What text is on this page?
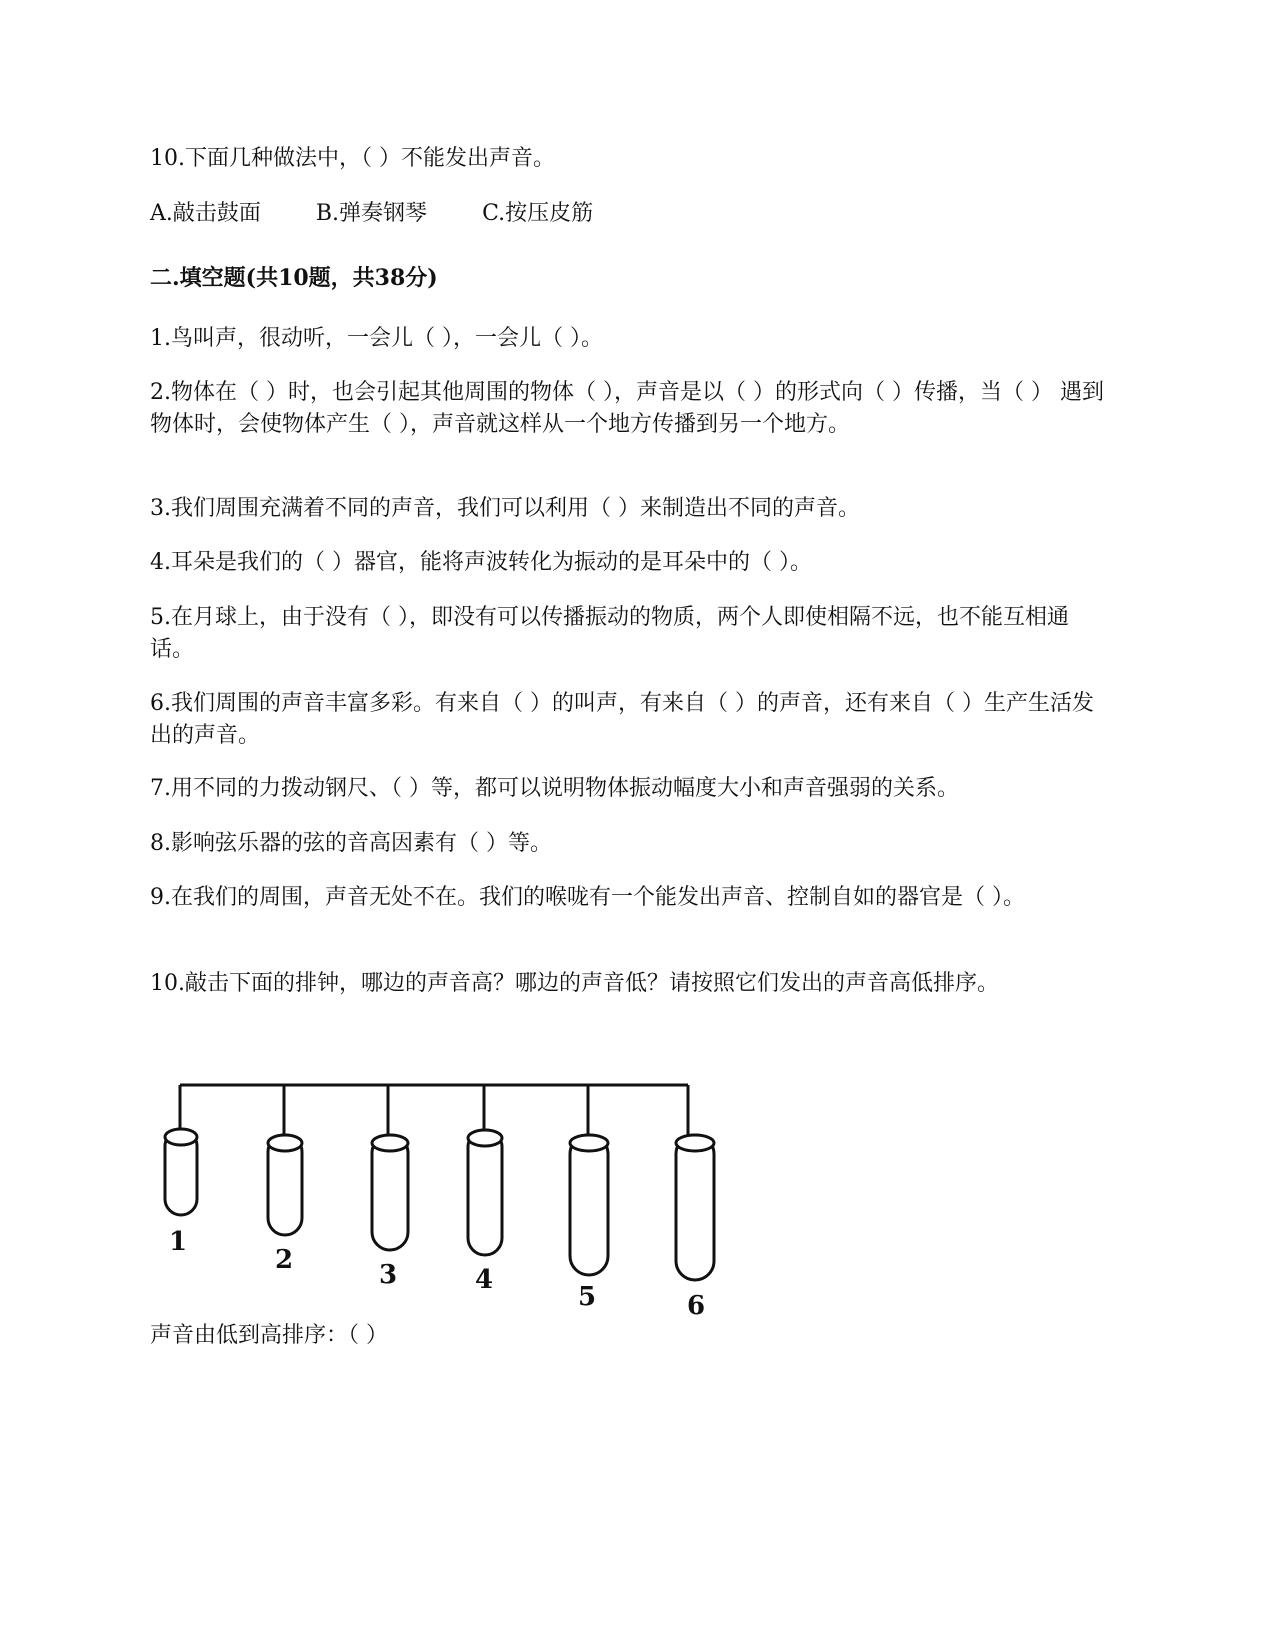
10.下面几种做法中，（ ）不能发出声音。
A.敲击鼓面	B.弹奏钢琴	C.按压皮筋
二.填空题(共10题，共38分)
1.鸟叫声，很动听，一会儿（ ），一会儿（ ）。
2.物体在（ ）时，也会引起其他周围的物体（ ），声音是以（ ）的形式向（ ）传播，当（ ） 遇到物体时，会使物体产生（ ），声音就这样从一个地方传播到另一个地方。
3.我们周围充满着不同的声音，我们可以利用（ ）来制造出不同的声音。
4.耳朵是我们的（ ）器官，能将声波转化为振动的是耳朵中的（ ）。
5.在月球上，由于没有（ ），即没有可以传播振动的物质，两个人即使相隔不远，也不能互相通话。
6.我们周围的声音丰富多彩。有来自（ ）的叫声，有来自（ ）的声音，还有来自（ ）生产生活发出的声音。
7.用不同的力拨动钢尺、（ ）等，都可以说明物体振动幅度大小和声音强弱的关系。
8.影响弦乐器的弦的音高因素有（ ）等。
9.在我们的周围，声音无处不在。我们的喉咙有一个能发出声音、控制自如的器官是（ ）。
10.敲击下面的排钟，哪边的声音高？哪边的声音低？请按照它们发出的声音高低排序。
1
2	3	4
5	6
声音由低到高排序：（ ）
